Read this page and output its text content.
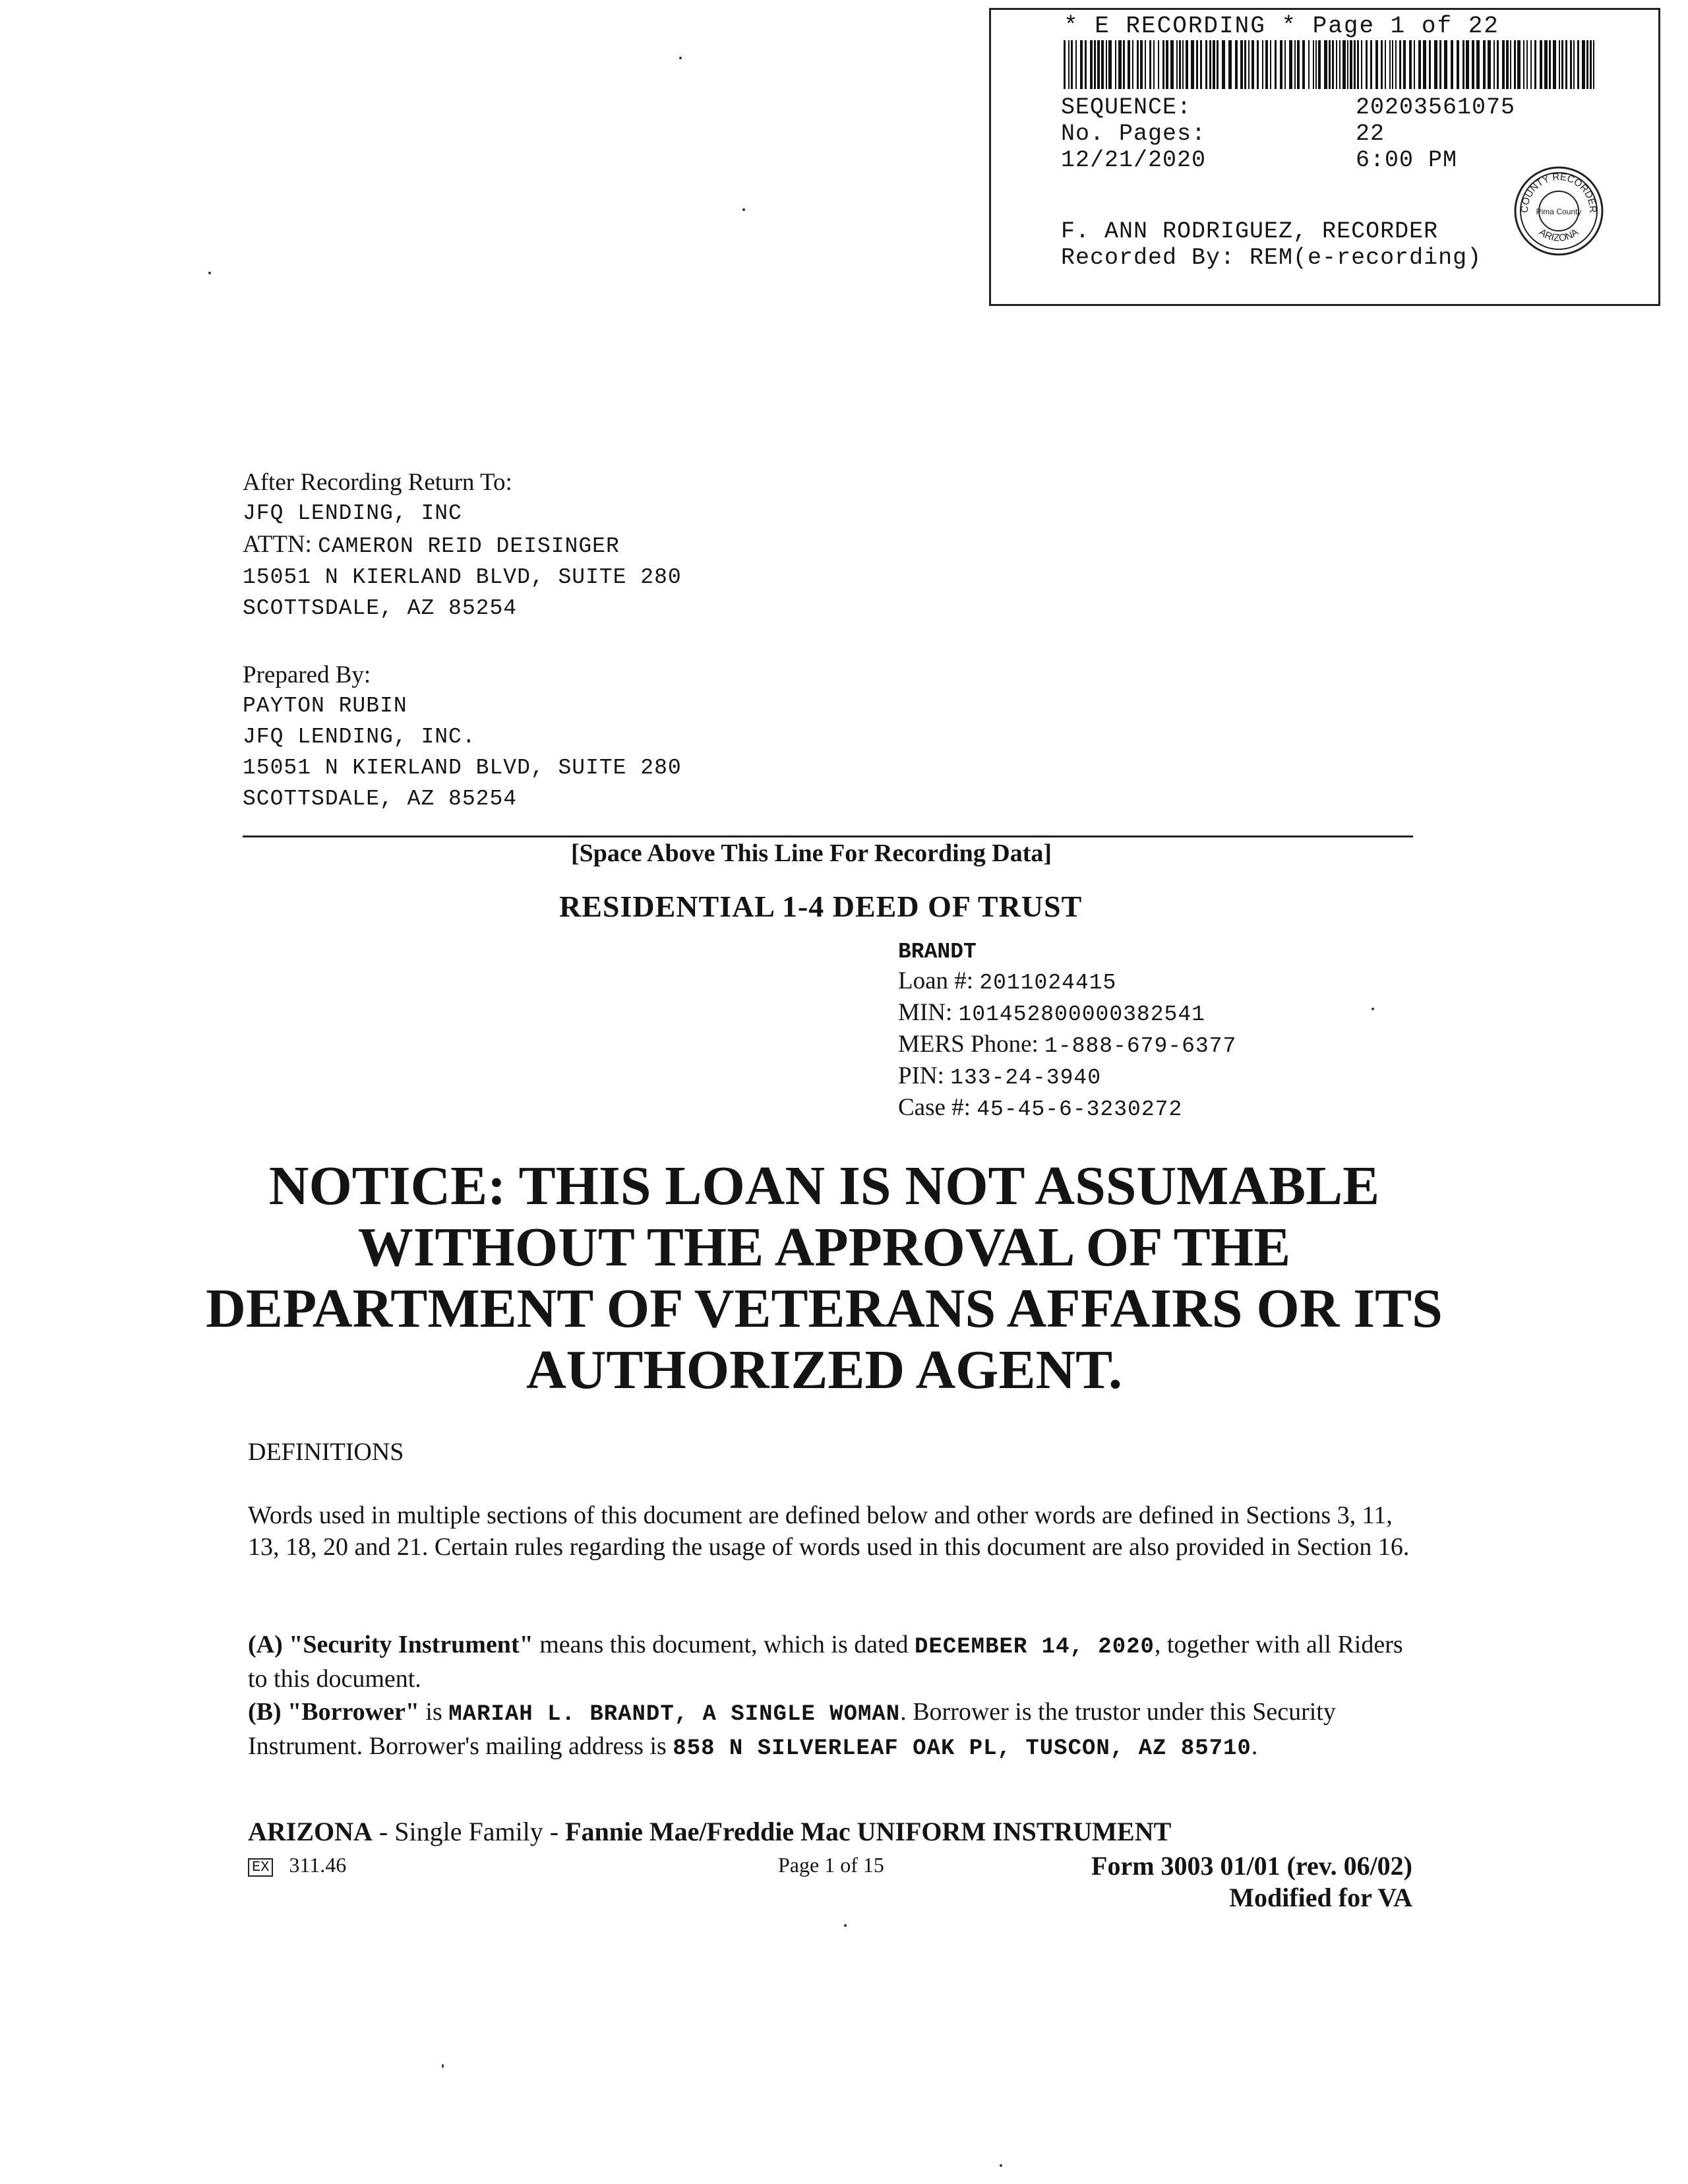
* E RECORDING * Page 1 of 22
SEQUENCE:	20203561075
No. Pages:	22
12/21/2020	6:00 PM
F. ANN RODRIGUEZ, RECORDER
Recorded By: REM(e-recording)
COUNTY RECORDER
Pima County
ARIZONA
After Recording Return To:
JFQ LENDING, INC
ATTN: CAMERON REID DEISINGER
15051 N KIERLAND BLVD, SUITE 280
SCOTTSDALE, AZ 85254
Prepared By:
PAYTON RUBIN
JFQ LENDING, INC.
15051 N KIERLAND BLVD, SUITE 280
SCOTTSDALE, AZ 85254
[Space Above This Line For Recording Data]
RESIDENTIAL 1-4 DEED OF TRUST
BRANDT
Loan #: 2011024415
MIN: 101452800000382541
MERS Phone: 1-888-679-6377
PIN: 133-24-3940
Case #: 45-45-6-3230272
NOTICE: THIS LOAN IS NOT ASSUMABLE WITHOUT THE APPROVAL OF THE DEPARTMENT OF VETERANS AFFAIRS OR ITS AUTHORIZED AGENT.
DEFINITIONS
Words used in multiple sections of this document are defined below and other words are defined in Sections 3, 11, 13, 18, 20 and 21. Certain rules regarding the usage of words used in this document are also provided in Section 16.
(A) "Security Instrument" means this document, which is dated DECEMBER 14, 2020, together with all Riders to this document.
(B) "Borrower" is MARIAH L. BRANDT, A SINGLE WOMAN. Borrower is the trustor under this Security Instrument. Borrower's mailing address is 858 N SILVERLEAF OAK PL, TUSCON, AZ 85710.
ARIZONA - Single Family - Fannie Mae/Freddie Mac UNIFORM INSTRUMENT
EX 311.46	Page 1 of 15	Form 3003 01/01 (rev. 06/02)
Modified for VA
